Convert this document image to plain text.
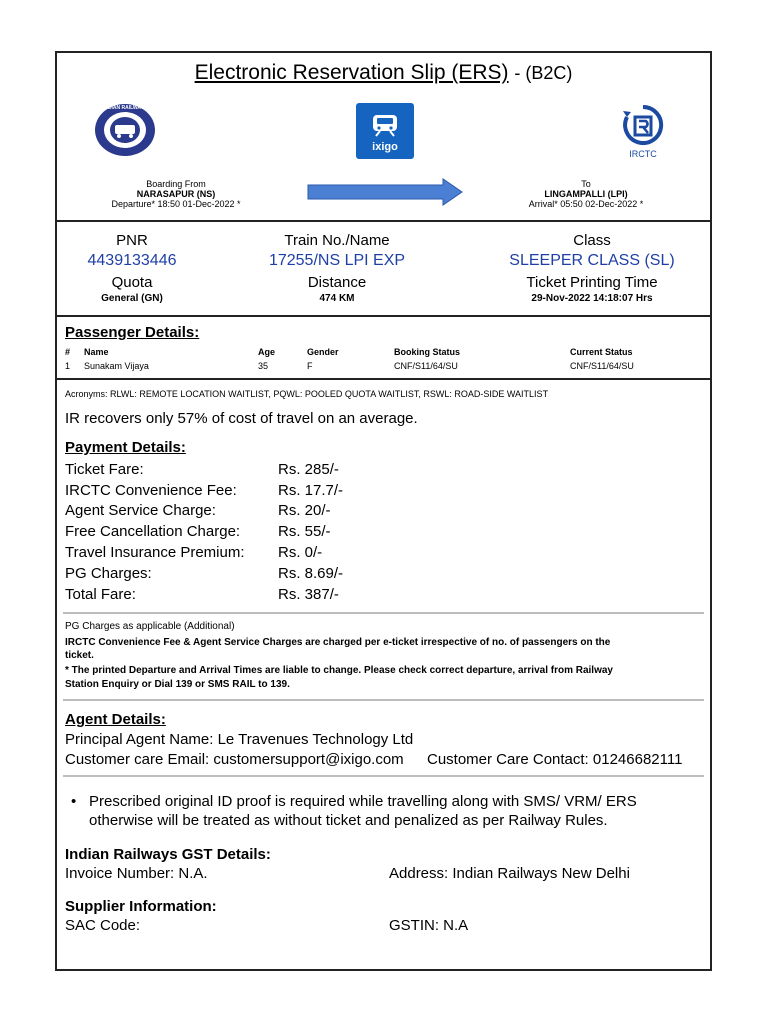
Electronic Reservation Slip (ERS) - (B2C)
INDIAN RAILWAYS
ixigo
IRCTC
Boarding From
NARASAPUR (NS)
Departure* 18:50 01-Dec-2022 *
To
LINGAMPALLI (LPI)
Arrival* 05:50 02-Dec-2022 *
PNR
4439133446
Train No./Name
17255/NS LPI EXP
Class
SLEEPER CLASS (SL)
Quota
General (GN)
Distance
474 KM
Ticket Printing Time
29-Nov-2022 14:18:07 Hrs
Passenger Details:
# Name	Age	Gender	Booking Status	Current Status
1 Sunakam Vijaya	35	F	CNF/S11/64/SU	CNF/S11/64/SU
Acronyms: RLWL: REMOTE LOCATION WAITLIST, PQWL: POOLED QUOTA WAITLIST, RSWL: ROAD-SIDE WAITLIST
IR recovers only 57% of cost of travel on an average.
Payment Details:
Ticket Fare:	Rs. 285/-
IRCTC Convenience Fee:	Rs. 17.7/-
Agent Service Charge:	Rs. 20/-
Free Cancellation Charge:	Rs. 55/-
Travel Insurance Premium:	Rs. 0/-
PG Charges:	Rs. 8.69/-
Total Fare:	Rs. 387/-
PG Charges as applicable (Additional)
IRCTC Convenience Fee & Agent Service Charges are charged per e-ticket irrespective of no. of passengers on the
ticket.
* The printed Departure and Arrival Times are liable to change. Please check correct departure, arrival from Railway
Station Enquiry or Dial 139 or SMS RAIL to 139.
Agent Details:
Principal Agent Name: Le Travenues Technology Ltd
Customer care Email: customersupport@ixigo.com Customer Care Contact: 01246682111
• Prescribed original ID proof is required while travelling along with SMS/ VRM/ ERS
otherwise will be treated as without ticket and penalized as per Railway Rules.
Indian Railways GST Details:
Invoice Number: N.A.	Address: Indian Railways New Delhi
Supplier Information:
SAC Code:	GSTIN: N.A
